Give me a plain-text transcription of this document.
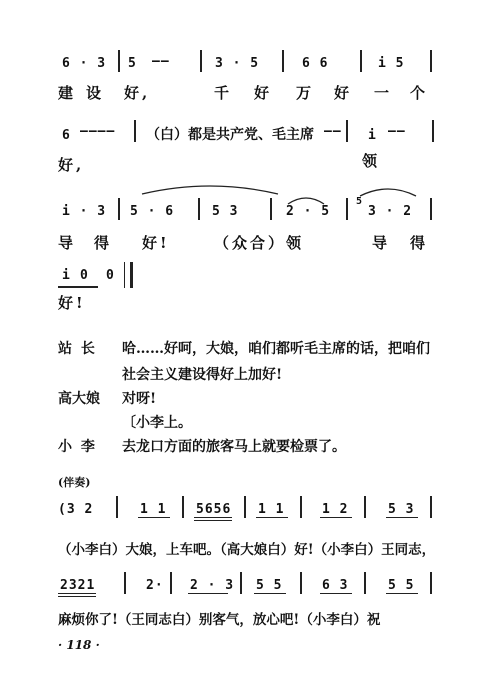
6 · 3 5 ——	3 · 5	6 6	i 5
建 设 好,	千 好 万 好 一 个
6 ———— （白）都是共产党、毛主席 —— i ——
好,	领
i · 3 5 · 6	5 3	2 · 5
5
3 · 2
导 得 好!	（众合）领	导 得
i 0 0
好!
站 长 哈……好呵，大娘，咱们都听毛主席的话，把咱们
社会主义建设得好上加好!
高大娘 对呀!
〔小李上。
小 李 去龙口方面的旅客马上就要检票了。
(伴奏)
(3 2	1 1 5656 1 1	1 2	5 3
（小李白）大娘，上车吧。（高大娘白）好!（小李白）王同志，
2321	2· 2 · 3 5 5	6 3	5 5
麻烦你了!（王同志白）别客气，放心吧!（小李白）祝
· 118 ·
